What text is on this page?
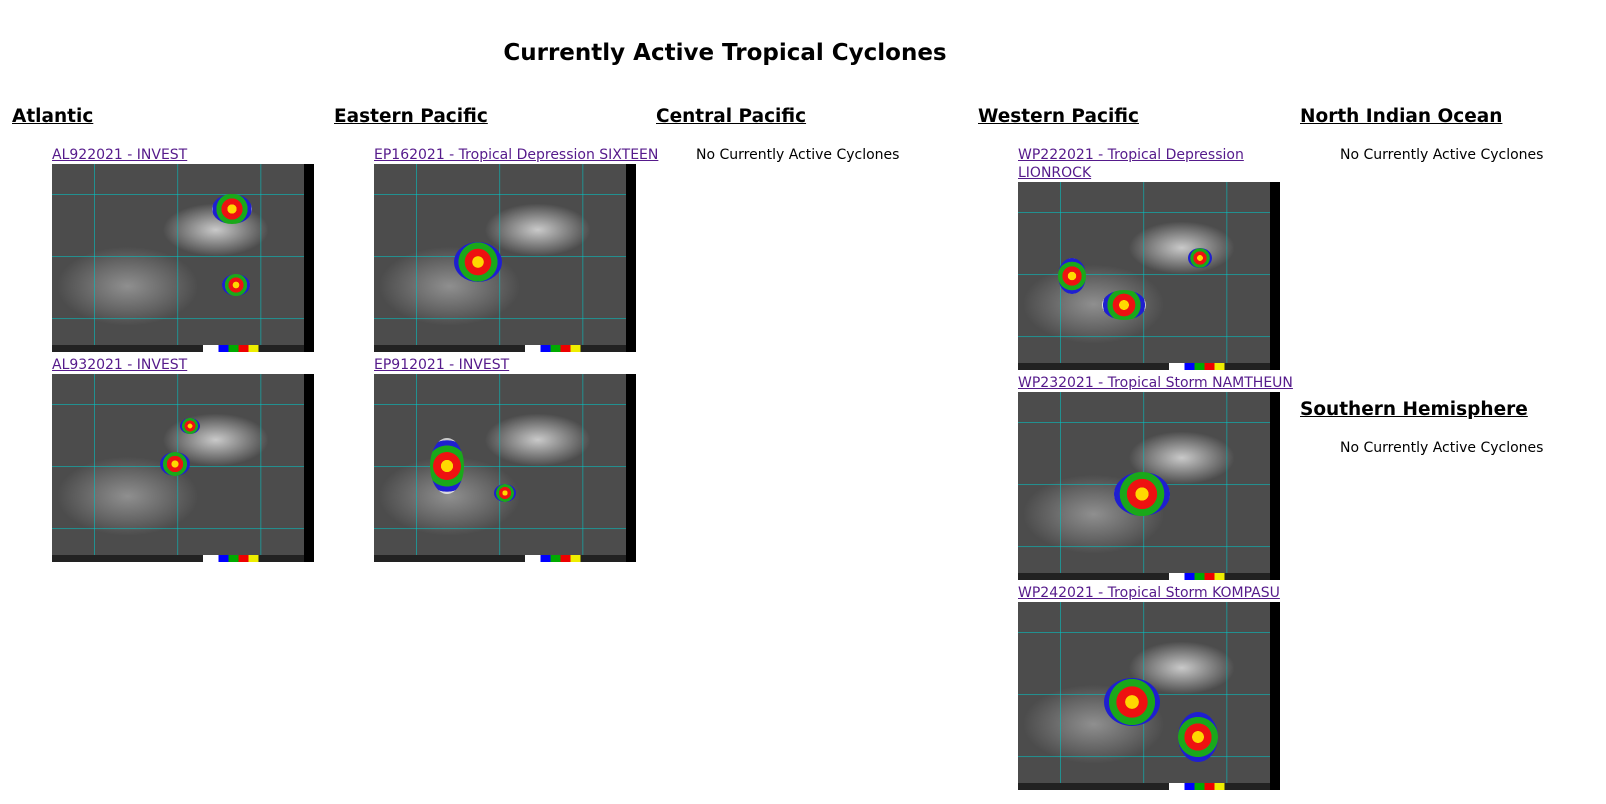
Currently Active Tropical Cyclones
Atlantic
AL922021 - INVEST
AL932021 - INVEST
Eastern Pacific
EP162021 - Tropical Depression SIXTEEN
EP912021 - INVEST
Central Pacific
No Currently Active Cyclones
Western Pacific
WP222021 - Tropical Depression LIONROCK
WP232021 - Tropical Storm NAMTHEUN
WP242021 - Tropical Storm KOMPASU
North Indian Ocean
No Currently Active Cyclones
Southern Hemisphere
No Currently Active Cyclones
